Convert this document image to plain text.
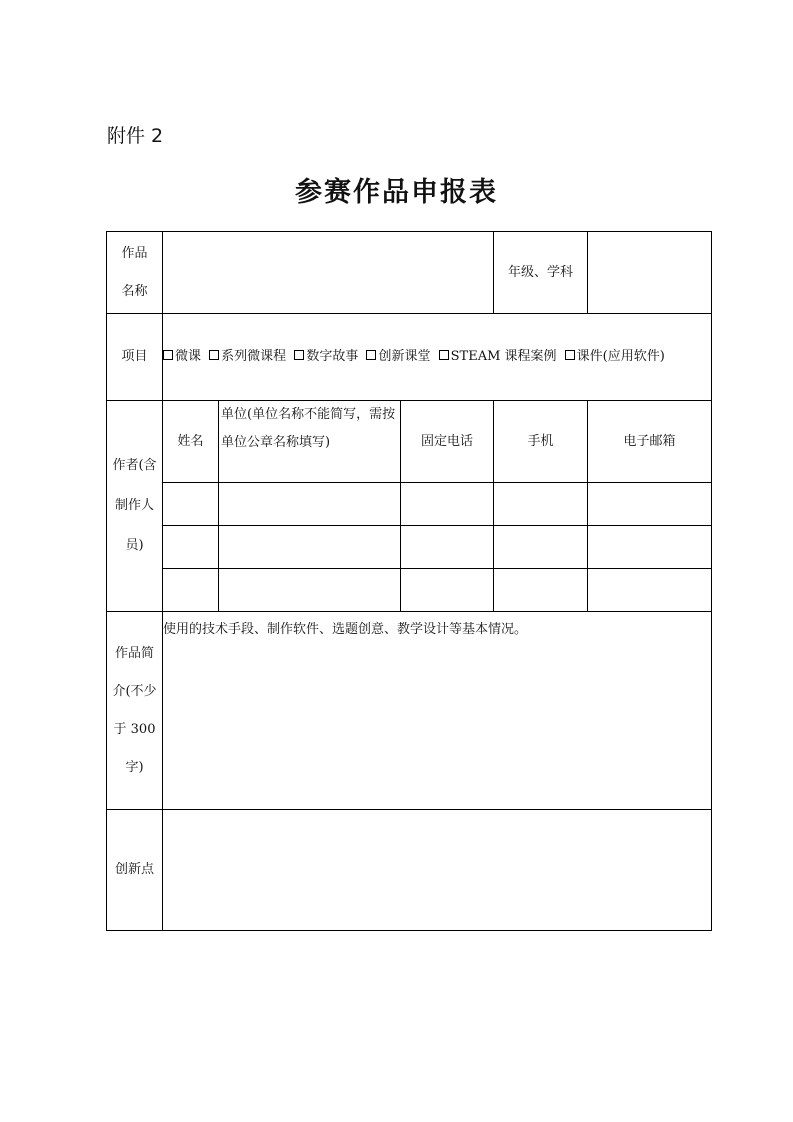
附件 2
参赛作品申报表
作品名称				年级、学科	
项目	微课 系列微课程 数字故事 创新课堂 STEAM 课程案例 课件(应用软件)				
作者(含制作人员)	姓名	单位(单位名称不能简写，需按单位公章名称填写)	固定电话	手机	电子邮箱

作品简介(不少于 300 字)	使用的技术手段、制作软件、选题创意、教学设计等基本情况。				
创新点					
